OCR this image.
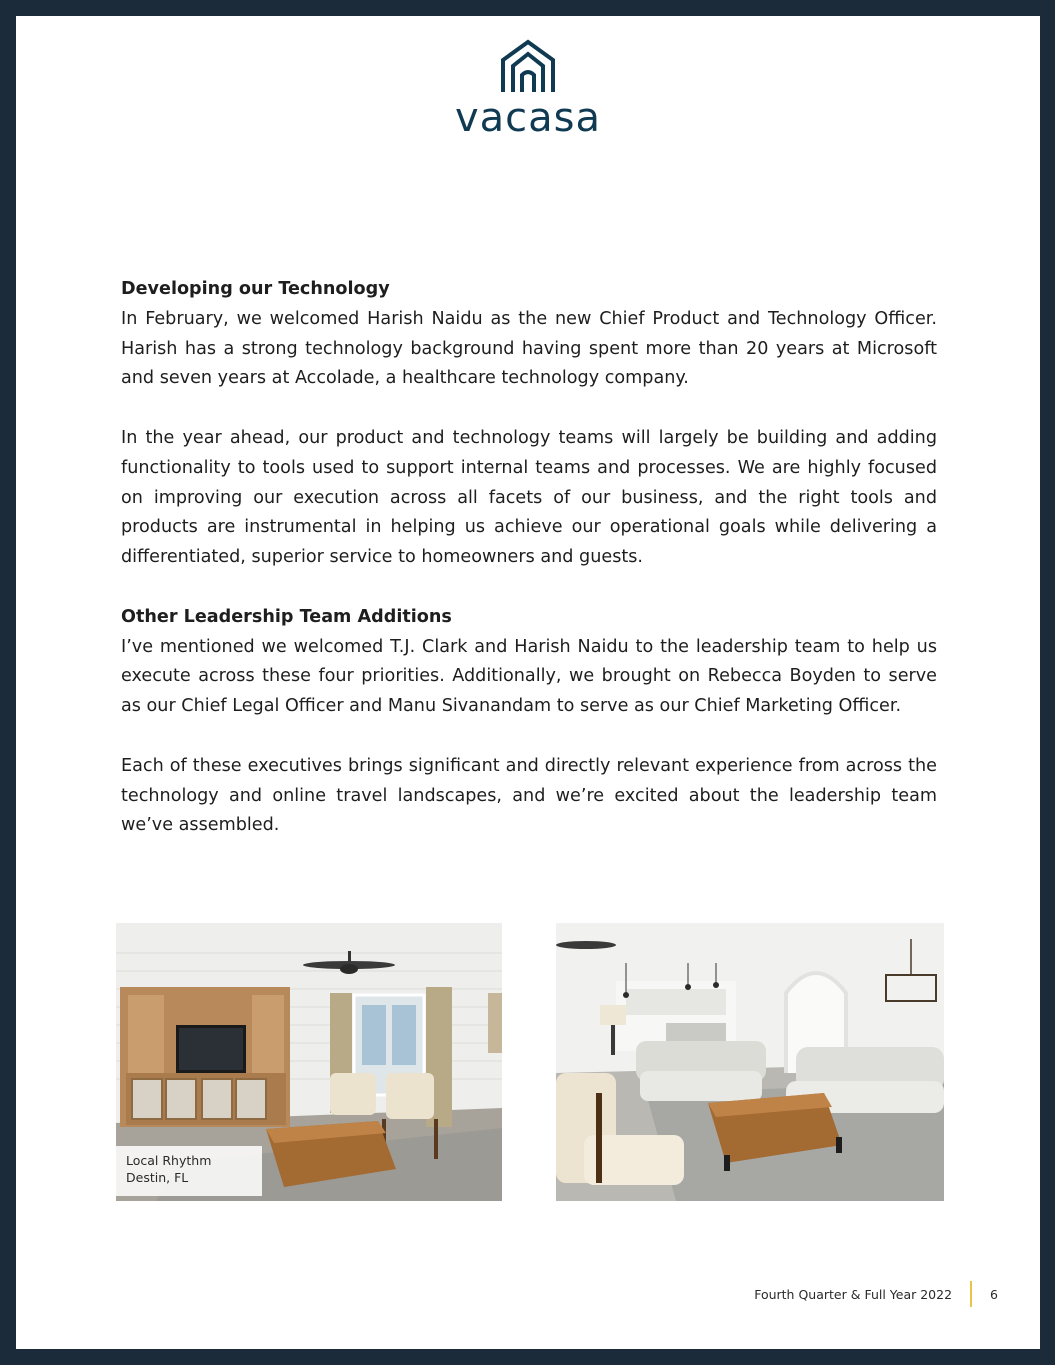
vacasa
Developing our Technology

In February, we welcomed Harish Naidu as the new Chief Product and Technology Officer. Harish has a strong technology background having spent more than 20 years at Microsoft and seven years at Accolade, a healthcare technology company.

In the year ahead, our product and technology teams will largely be building and adding functionality to tools used to support internal teams and processes. We are highly focused on improving our execution across all facets of our business, and the right tools and products are instrumental in helping us achieve our operational goals while delivering a differentiated, superior service to homeowners and guests.

Other Leadership Team Additions

I’ve mentioned we welcomed T.J. Clark and Harish Naidu to the leadership team to help us execute across these four priorities. Additionally, we brought on Rebecca Boyden to serve as our Chief Legal Officer and Manu Sivanandam to serve as our Chief Marketing Officer.

Each of these executives brings significant and directly relevant experience from across the technology and online travel landscapes, and we’re excited about the leadership team we’ve assembled.

Local Rhythm
Destin, FL
Fourth Quarter & Full Year 2022	6
